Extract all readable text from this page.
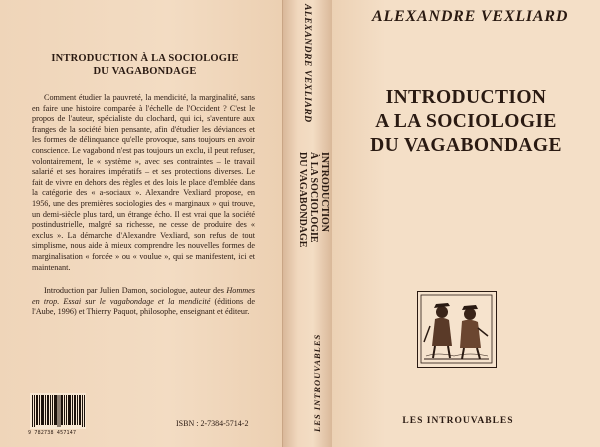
INTRODUCTION À LA SOCIOLOGIE
DU VAGABONDAGE
Comment étudier la pauvreté, la mendicité, la marginalité, sans en faire une histoire comparée à l'échelle de l'Occident ? C'est le propos de l'auteur, spécialiste du clochard, qui ici, s'aventure aux franges de la société bien pensante, afin d'étudier les déviances et les formes de délinquance qu'elle provoque, sans toujours en avoir conscience. Le vagabond n'est pas toujours un exclu, il peut refuser, volontairement, le « système », avec ses contraintes – le travail salarié et ses horaires impératifs – et ses protections diverses. Le fait de vivre en dehors des règles et des lois le place d'emblée dans la catégorie des « a-sociaux ». Alexandre Vexliard propose, en 1956, une des premières sociologies des « marginaux » qui trouve, un demi-siècle plus tard, un étrange écho. Il est vrai que la société postindustrielle, malgré sa richesse, ne cesse de produire des « exclus ». La démarche d'Alexandre Vexliard, son refus de tout simplisme, nous aide à mieux comprendre les nouvelles formes de marginalisation « forcée » ou « voulue », qui se manifestent, ici et maintenant.
Introduction par Julien Damon, sociologue, auteur des Hommes en trop. Essai sur le vagabondage et la mendicité (éditions de l'Aube, 1996) et Thierry Paquot, philosophe, enseignant et éditeur.
9 782738 457147
ISBN : 2-7384-5714-2
ALEXANDRE VEXLIARD
INTRODUCTION
À LA SOCIOLOGIE
DU VAGABONDAGE
LES INTROUVABLES
ALEXANDRE VEXLIARD
INTRODUCTION
A LA SOCIOLOGIE
DU VAGABONDAGE
LES INTROUVABLES
